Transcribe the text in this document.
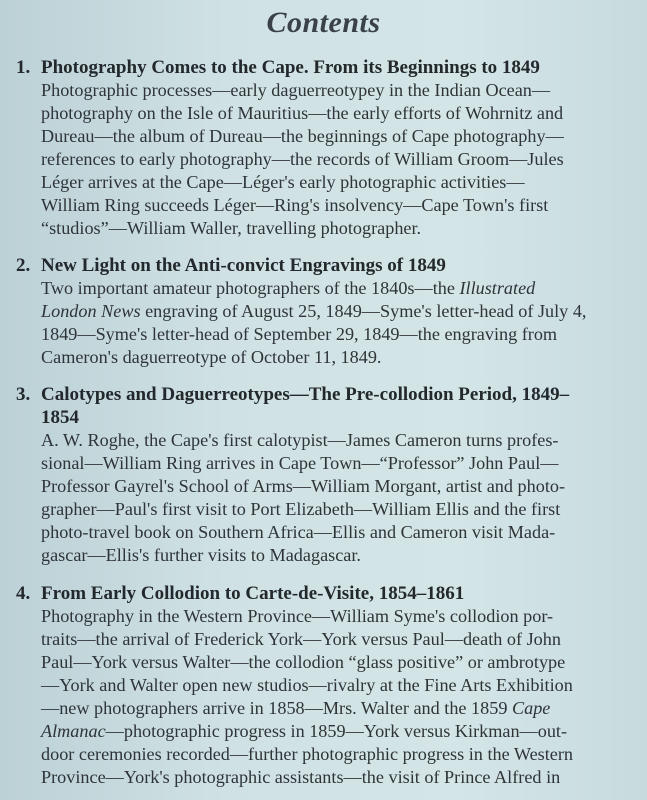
Contents
1. Photography Comes to the Cape. From its Beginnings to 1849
Photographic processes—early daguerreotypey in the Indian Ocean—
photography on the Isle of Mauritius—the early efforts of Wohrnitz and
Dureau—the album of Dureau—the beginnings of Cape photography—
references to early photography—the records of William Groom—Jules
Léger arrives at the Cape—Léger's early photographic activities—
William Ring succeeds Léger—Ring's insolvency—Cape Town's first
“studios”—William Waller, travelling photographer.
2. New Light on the Anti-convict Engravings of 1849
Two important amateur photographers of the 1840s—the Illustrated
London News engraving of August 25, 1849—Syme's letter-head of July 4,
1849—Syme's letter-head of September 29, 1849—the engraving from
Cameron's daguerreotype of October 11, 1849.
3. Calotypes and Daguerreotypes—The Pre-collodion Period, 1849–
1854
A. W. Roghe, the Cape's first calotypist—James Cameron turns profes-
sional—William Ring arrives in Cape Town—“Professor” John Paul—
Professor Gayrel's School of Arms—William Morgant, artist and photo-
grapher—Paul's first visit to Port Elizabeth—William Ellis and the first
photo-travel book on Southern Africa—Ellis and Cameron visit Mada-
gascar—Ellis's further visits to Madagascar.
4. From Early Collodion to Carte-de-Visite, 1854–1861
Photography in the Western Province—William Syme's collodion por-
traits—the arrival of Frederick York—York versus Paul—death of John
Paul—York versus Walter—the collodion “glass positive” or ambrotype
—York and Walter open new studios—rivalry at the Fine Arts Exhibition
—new photographers arrive in 1858—Mrs. Walter and the 1859 Cape
Almanac—photographic progress in 1859—York versus Kirkman—out-
door ceremonies recorded—further photographic progress in the Western
Province—York's photographic assistants—the visit of Prince Alfred in
